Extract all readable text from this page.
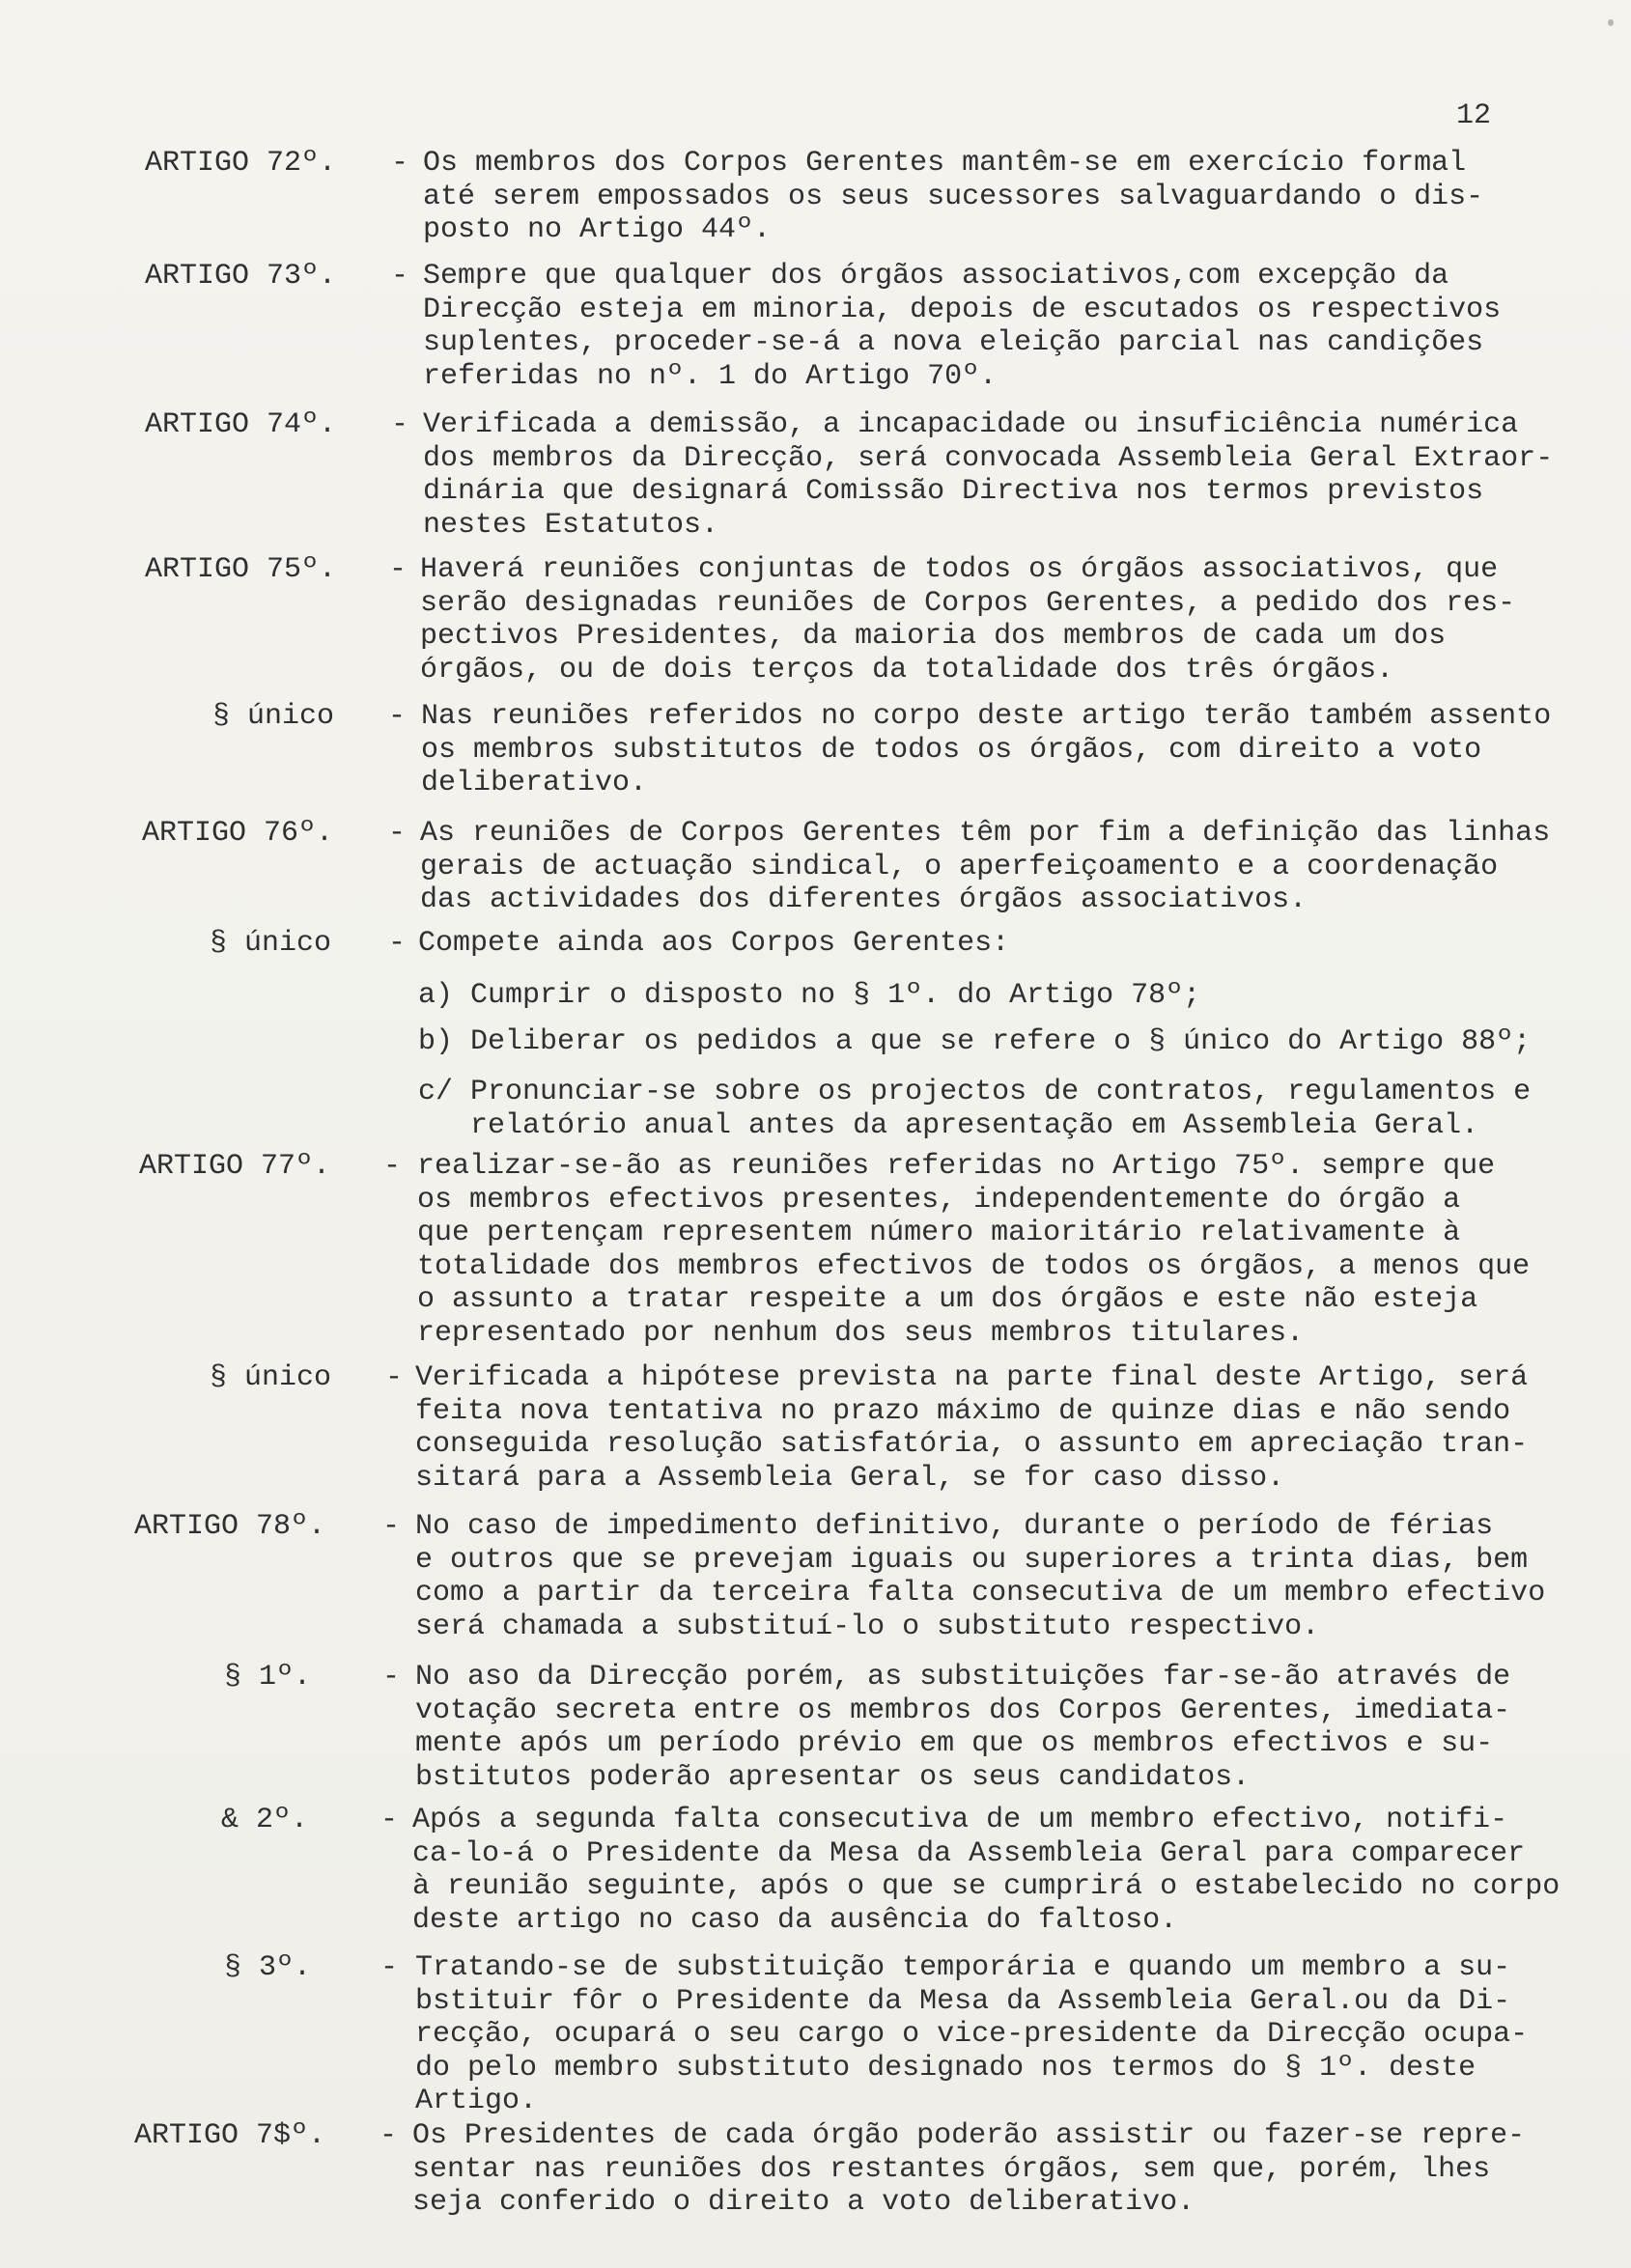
12
ARTIGO 72º. - Os membros dos Corpos Gerentes mantêm-se em exercício formal
até serem empossados os seus sucessores salvaguardando o dis-
posto no Artigo 44º.
ARTIGO 73º. - Sempre que qualquer dos órgãos associativos,com excepção da
Direcção esteja em minoria, depois de escutados os respectivos
suplentes, proceder-se-á a nova eleição parcial nas candições
referidas no nº. 1 do Artigo 70º.
ARTIGO 74º. - Verificada a demissão, a incapacidade ou insuficiência numérica
dos membros da Direcção, será convocada Assembleia Geral Extraor-
dinária que designará Comissão Directiva nos termos previstos
nestes Estatutos.
ARTIGO 75º. - Haverá reuniões conjuntas de todos os órgãos associativos, que
serão designadas reuniões de Corpos Gerentes, a pedido dos res-
pectivos Presidentes, da maioria dos membros de cada um dos
órgãos, ou de dois terços da totalidade dos três órgãos.
§ único - Nas reuniões referidos no corpo deste artigo terão também assento
os membros substitutos de todos os órgãos, com direito a voto
deliberativo.
ARTIGO 76º. - As reuniões de Corpos Gerentes têm por fim a definição das linhas
gerais de actuação sindical, o aperfeiçoamento e a coordenação
das actividades dos diferentes órgãos associativos.
§ único - Compete ainda aos Corpos Gerentes:
a) Cumprir o disposto no § 1º. do Artigo 78º;
b) Deliberar os pedidos a que se refere o § único do Artigo 88º;
c/ Pronunciar-se sobre os projectos de contratos, regulamentos e
relatório anual antes da apresentação em Assembleia Geral.
ARTIGO 77º. - realizar-se-ão as reuniões referidas no Artigo 75º. sempre que
os membros efectivos presentes, independentemente do órgão a
que pertençam representem número maioritário relativamente à
totalidade dos membros efectivos de todos os órgãos, a menos que
o assunto a tratar respeite a um dos órgãos e este não esteja
representado por nenhum dos seus membros titulares.
§ único - Verificada a hipótese prevista na parte final deste Artigo, será
feita nova tentativa no prazo máximo de quinze dias e não sendo
conseguida resolução satisfatória, o assunto em apreciação tran-
sitará para a Assembleia Geral, se for caso disso.
ARTIGO 78º. - No caso de impedimento definitivo, durante o período de férias
e outros que se prevejam iguais ou superiores a trinta dias, bem
como a partir da terceira falta consecutiva de um membro efectivo
será chamada a substituí-lo o substituto respectivo.
§ 1º. - No aso da Direcção porém, as substituições far-se-ão através de
votação secreta entre os membros dos Corpos Gerentes, imediata-
mente após um período prévio em que os membros efectivos e su-
bstitutos poderão apresentar os seus candidatos.
& 2º. - Após a segunda falta consecutiva de um membro efectivo, notifi-
ca-lo-á o Presidente da Mesa da Assembleia Geral para comparecer
à reunião seguinte, após o que se cumprirá o estabelecido no corpo
deste artigo no caso da ausência do faltoso.
§ 3º. - Tratando-se de substituição temporária e quando um membro a su-
bstituir fôr o Presidente da Mesa da Assembleia Geral.ou da Di-
recção, ocupará o seu cargo o vice-presidente da Direcção ocupa-
do pelo membro substituto designado nos termos do § 1º. deste
Artigo.
ARTIGO 7$º. - Os Presidentes de cada órgão poderão assistir ou fazer-se repre-
sentar nas reuniões dos restantes órgãos, sem que, porém, lhes
seja conferido o direito a voto deliberativo.
